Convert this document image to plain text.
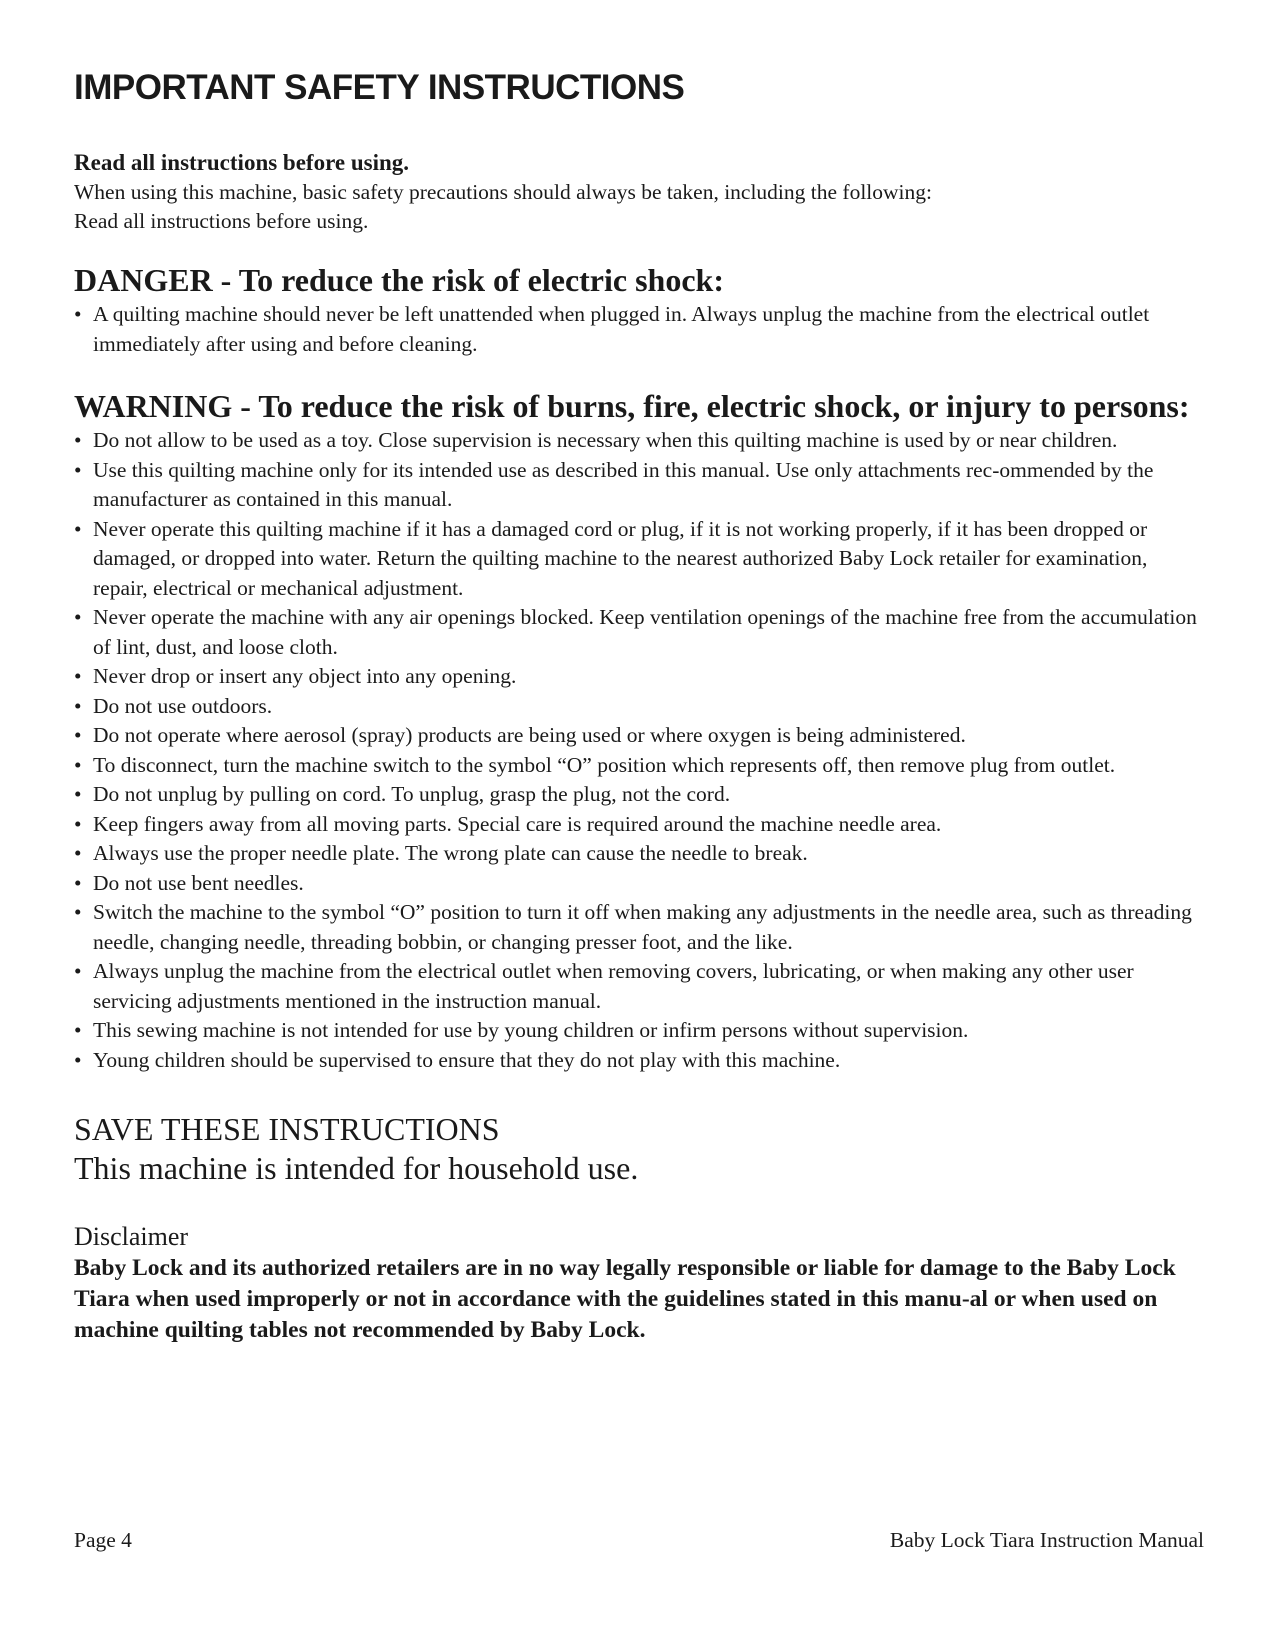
IMPORTANT SAFETY INSTRUCTIONS
Read all instructions before using.
When using this machine, basic safety precautions should always be taken, including the following:
Read all instructions before using.
DANGER - To reduce the risk of electric shock:
• A quilting machine should never be left unattended when plugged in. Always unplug the machine from the electrical outlet immediately after using and before cleaning.
WARNING - To reduce the risk of burns, fire, electric shock, or injury to persons:
• Do not allow to be used as a toy. Close supervision is necessary when this quilting machine is used by or near children.
• Use this quilting machine only for its intended use as described in this manual. Use only attachments rec-ommended by the manufacturer as contained in this manual.
• Never operate this quilting machine if it has a damaged cord or plug, if it is not working properly, if it has been dropped or damaged, or dropped into water. Return the quilting machine to the nearest authorized Baby Lock retailer for examination, repair, electrical or mechanical adjustment.
• Never operate the machine with any air openings blocked. Keep ventilation openings of the machine free from the accumulation of lint, dust, and loose cloth.
• Never drop or insert any object into any opening.
• Do not use outdoors.
• Do not operate where aerosol (spray) products are being used or where oxygen is being administered.
• To disconnect, turn the machine switch to the symbol “O” position which represents off, then remove plug from outlet.
• Do not unplug by pulling on cord. To unplug, grasp the plug, not the cord.
• Keep fingers away from all moving parts. Special care is required around the machine needle area.
• Always use the proper needle plate. The wrong plate can cause the needle to break.
• Do not use bent needles.
• Switch the machine to the symbol “O” position to turn it off when making any adjustments in the needle area, such as threading needle, changing needle, threading bobbin, or changing presser foot, and the like.
• Always unplug the machine from the electrical outlet when removing covers, lubricating, or when making any other user servicing adjustments mentioned in the instruction manual.
• This sewing machine is not intended for use by young children or infirm persons without supervision.
• Young children should be supervised to ensure that they do not play with this machine.
SAVE THESE INSTRUCTIONS
This machine is intended for household use.
Disclaimer
Baby Lock and its authorized retailers are in no way legally responsible or liable for damage to the Baby Lock Tiara when used improperly or not in accordance with the guidelines stated in this manu-al or when used on machine quilting tables not recommended by Baby Lock.
Page 4	Baby Lock Tiara Instruction Manual
